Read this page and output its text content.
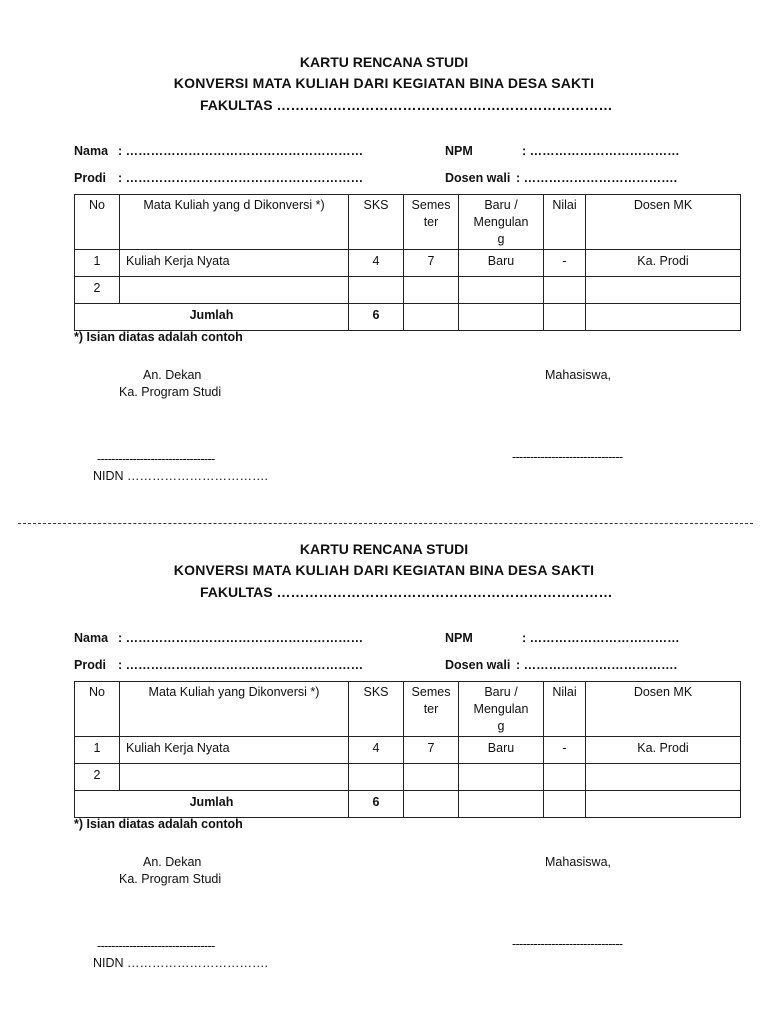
KARTU RENCANA STUDI
KONVERSI MATA KULIAH DARI KEGIATAN BINA DESA SAKTI
FAKULTAS ………………………………………………………………
Nama : …………………………………………………	NPM	: ………………………………
Prodi : …………………………………………………	Dosen wali : ……………………………….
No	Mata Kuliah yang d Dikonversi *)	SKS	Semes
ter	Baru /
Mengulan
g	Nilai	Dosen MK
1	Kuliah Kerja Nyata	4	7	Baru	-	Ka. Prodi
2						
Jumlah		6				
*) Isian diatas adalah contoh
An. Dekan
Ka. Program Studi
Mahasiswa,
---------------------------------	-------------------------------
NIDN …………………………….
KARTU RENCANA STUDI
KONVERSI MATA KULIAH DARI KEGIATAN BINA DESA SAKTI
FAKULTAS ………………………………………………………………
Nama : …………………………………………………	NPM	: ………………………………
Prodi : …………………………………………………	Dosen wali : ……………………………….
No	Mata Kuliah yang Dikonversi *)	SKS	Semes
ter	Baru /
Mengulan
g	Nilai	Dosen MK
1	Kuliah Kerja Nyata	4	7	Baru	-	Ka. Prodi
2						
Jumlah		6				
*) Isian diatas adalah contoh
An. Dekan
Ka. Program Studi
Mahasiswa,
---------------------------------	-------------------------------
NIDN …………………………….
